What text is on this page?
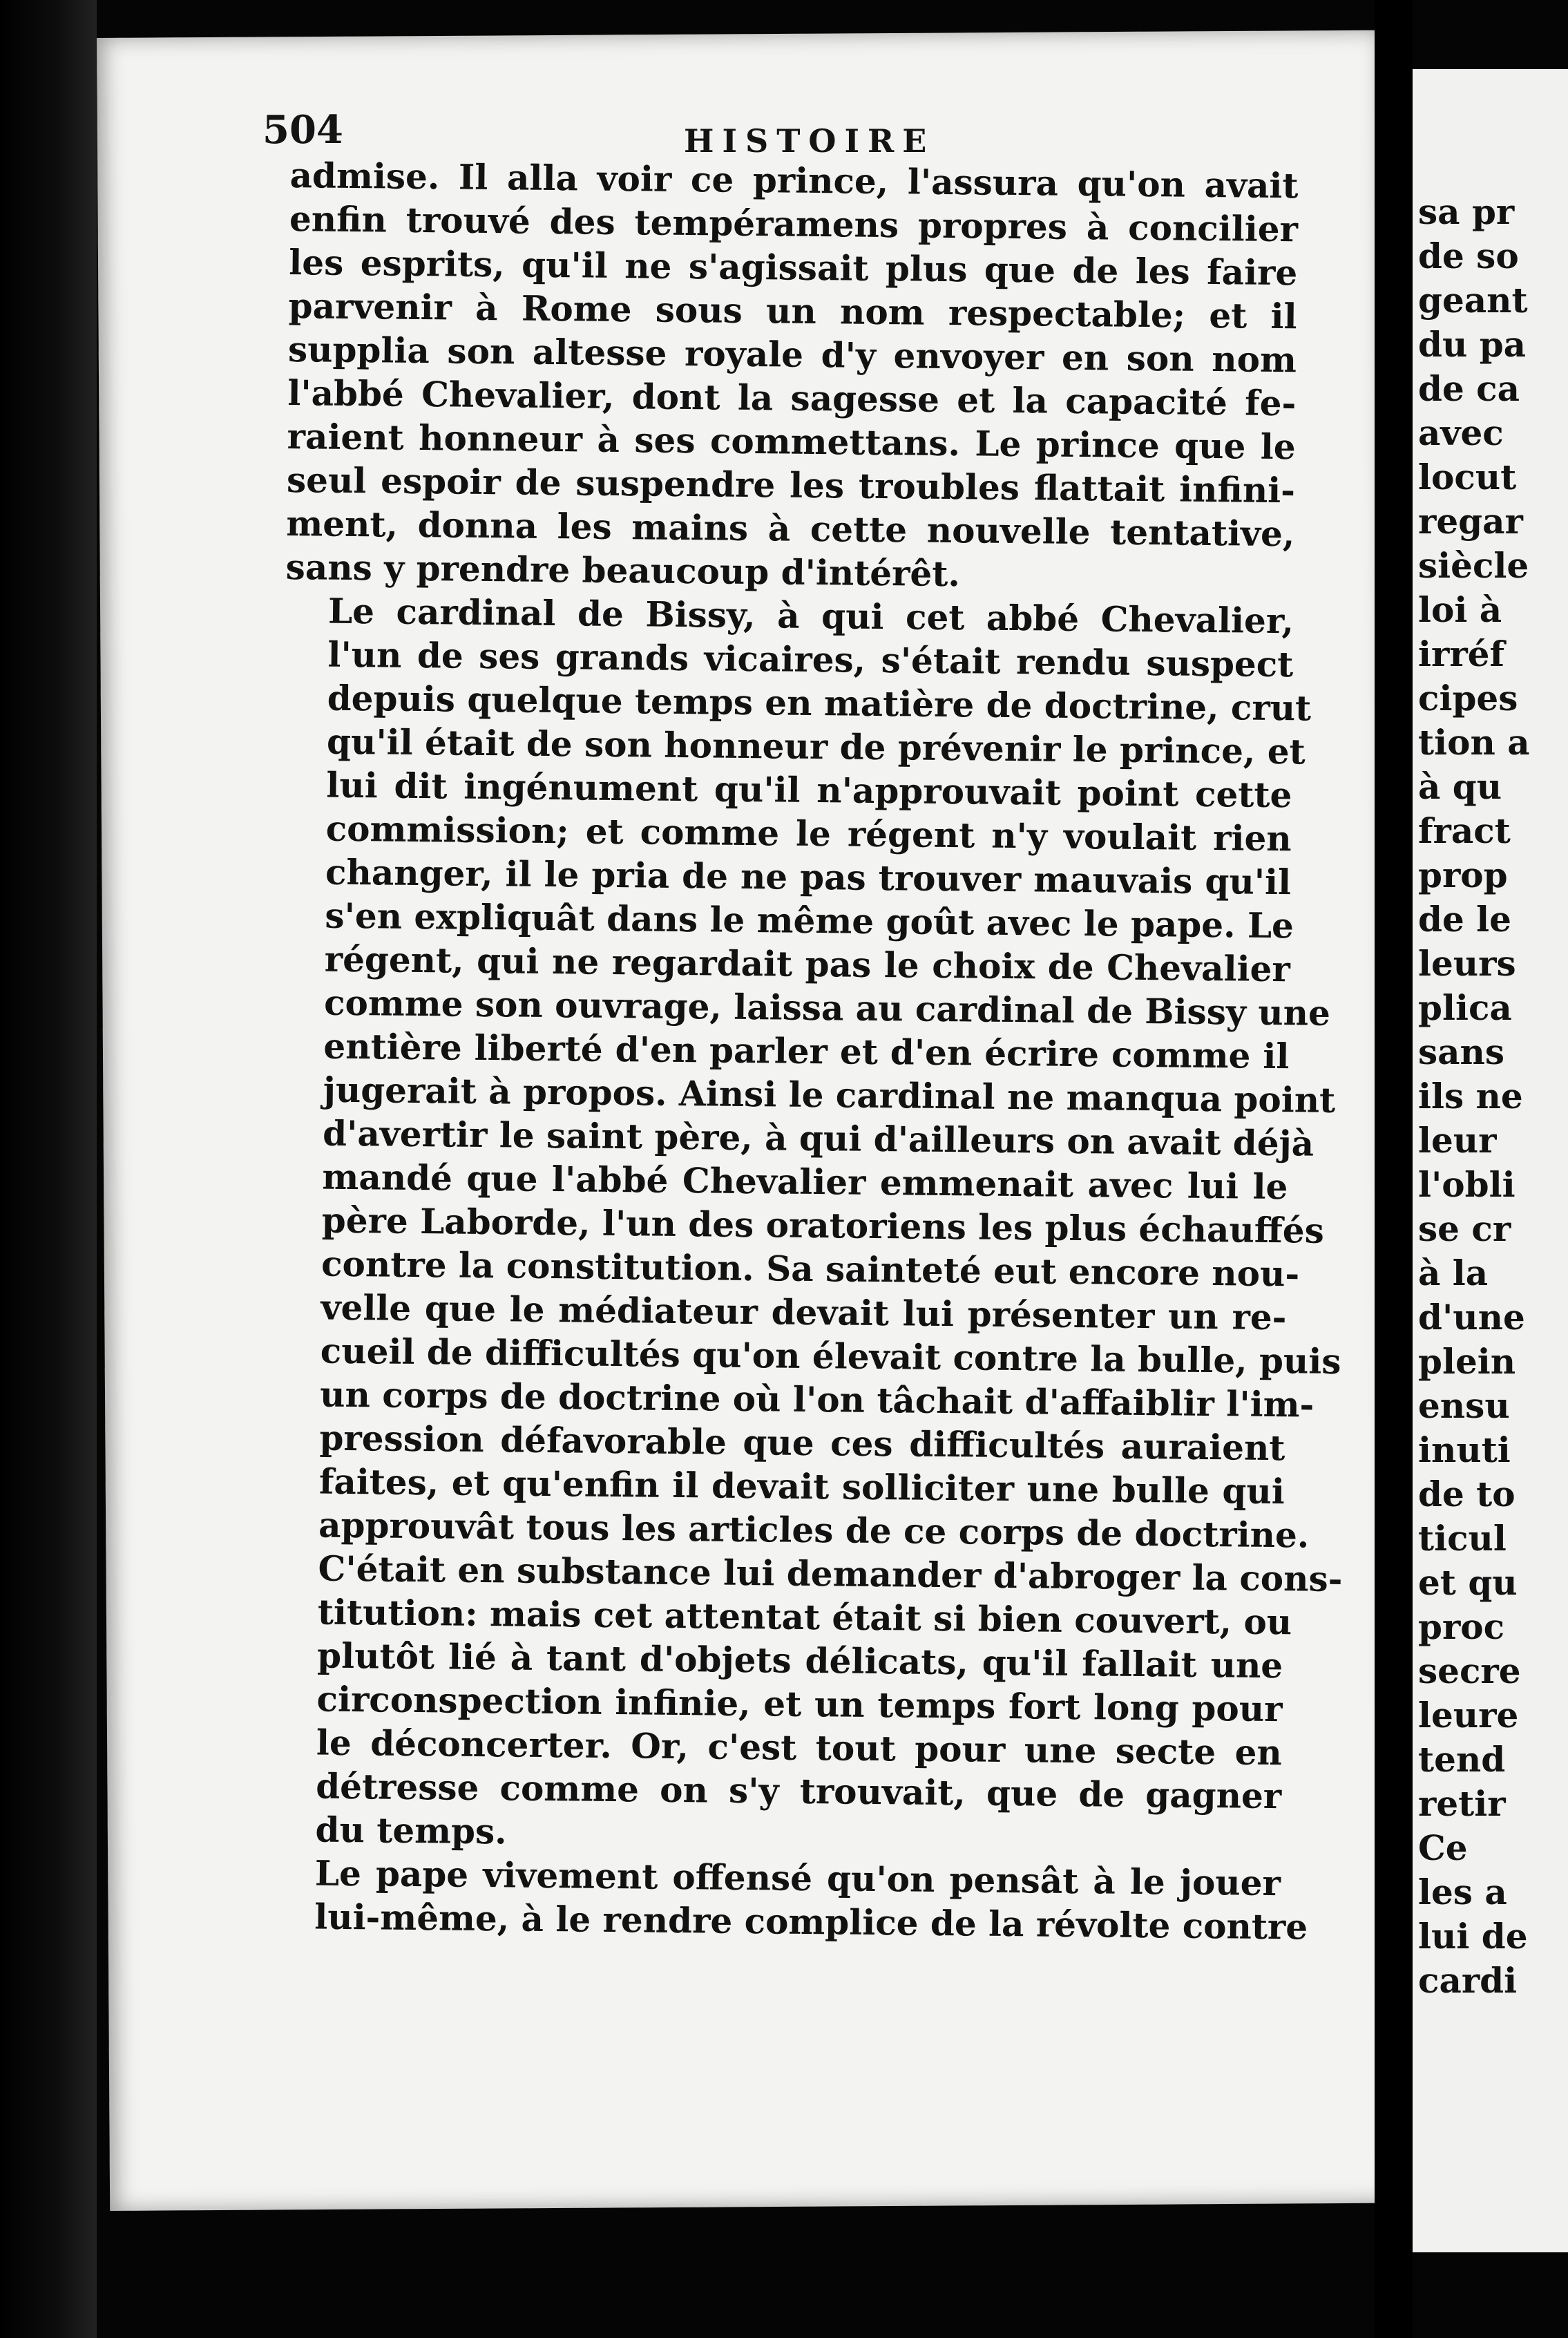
sa pr
de so
geant
du pa
de ca
avec
locut
regar
siècle
loi à
irréf
cipes
tion a
à qu
fract
prop
de le
leurs
plica
sans
ils ne
leur
l'obli
se cr
à la
d'une
plein
ensu
inuti
de to
ticul
et qu
proc
secre
leure
tend
retir
Ce
les a
lui de
cardi
504	HISTOIRE

admise. Il alla voir ce prince, l'assura qu'on avait
enfin trouvé des tempéramens propres à concilier
les esprits, qu'il ne s'agissait plus que de les faire
parvenir à Rome sous un nom respectable; et il
supplia son altesse royale d'y envoyer en son nom
l'abbé Chevalier, dont la sagesse et la capacité fe-
raient honneur à ses commettans. Le prince que le
seul espoir de suspendre les troubles flattait infini-
ment, donna les mains à cette nouvelle tentative,
sans y prendre beaucoup d'intérêt.

Le cardinal de Bissy, à qui cet abbé Chevalier,
l'un de ses grands vicaires, s'était rendu suspect
depuis quelque temps en matière de doctrine, crut
qu'il était de son honneur de prévenir le prince, et
lui dit ingénument qu'il n'approuvait point cette
commission; et comme le régent n'y voulait rien
changer, il le pria de ne pas trouver mauvais qu'il
s'en expliquât dans le même goût avec le pape. Le
régent, qui ne regardait pas le choix de Chevalier
comme son ouvrage, laissa au cardinal de Bissy une
entière liberté d'en parler et d'en écrire comme il
jugerait à propos. Ainsi le cardinal ne manqua point
d'avertir le saint père, à qui d'ailleurs on avait déjà
mandé que l'abbé Chevalier emmenait avec lui le
père Laborde, l'un des oratoriens les plus échauffés
contre la constitution. Sa sainteté eut encore nou-
velle que le médiateur devait lui présenter un re-
cueil de difficultés qu'on élevait contre la bulle, puis
un corps de doctrine où l'on tâchait d'affaiblir l'im-
pression défavorable que ces difficultés auraient
faites, et qu'enfin il devait solliciter une bulle qui
approuvât tous les articles de ce corps de doctrine.
C'était en substance lui demander d'abroger la cons-
titution: mais cet attentat était si bien couvert, ou
plutôt lié à tant d'objets délicats, qu'il fallait une
circonspection infinie, et un temps fort long pour
le déconcerter. Or, c'est tout pour une secte en
détresse comme on s'y trouvait, que de gagner
du temps.

Le pape vivement offensé qu'on pensât à le jouer
lui-même, à le rendre complice de la révolte contre
